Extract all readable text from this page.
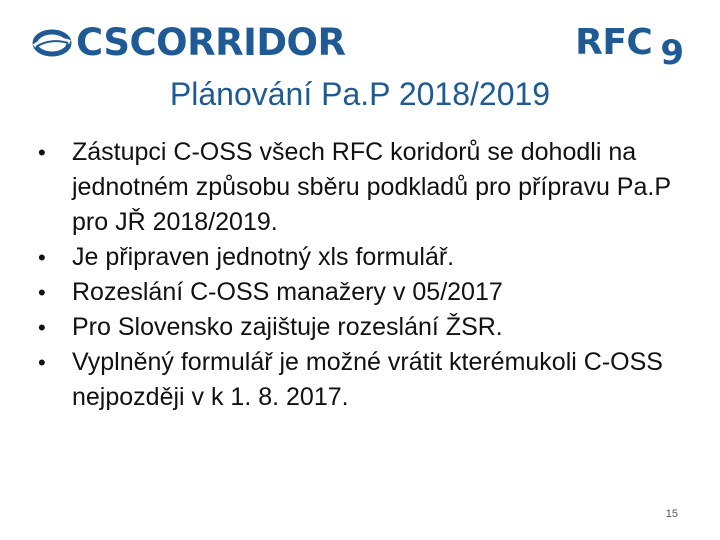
CSCORRIDOR	RFC 9
Plánování Pa.P 2018/2019
•	Zástupci C-OSS všech RFC koridorů se dohodli na jednotném způsobu sběru podkladů pro přípravu Pa.P pro JŘ 2018/2019.
•	Je připraven jednotný xls formulář.
•	Rozeslání C-OSS manažery v 05/2017
•	Pro Slovensko zajištuje rozeslání ŽSR.
•	Vyplněný formulář je možné vrátit kterémukoli C-OSS nejpozději v k 1. 8. 2017.
15
